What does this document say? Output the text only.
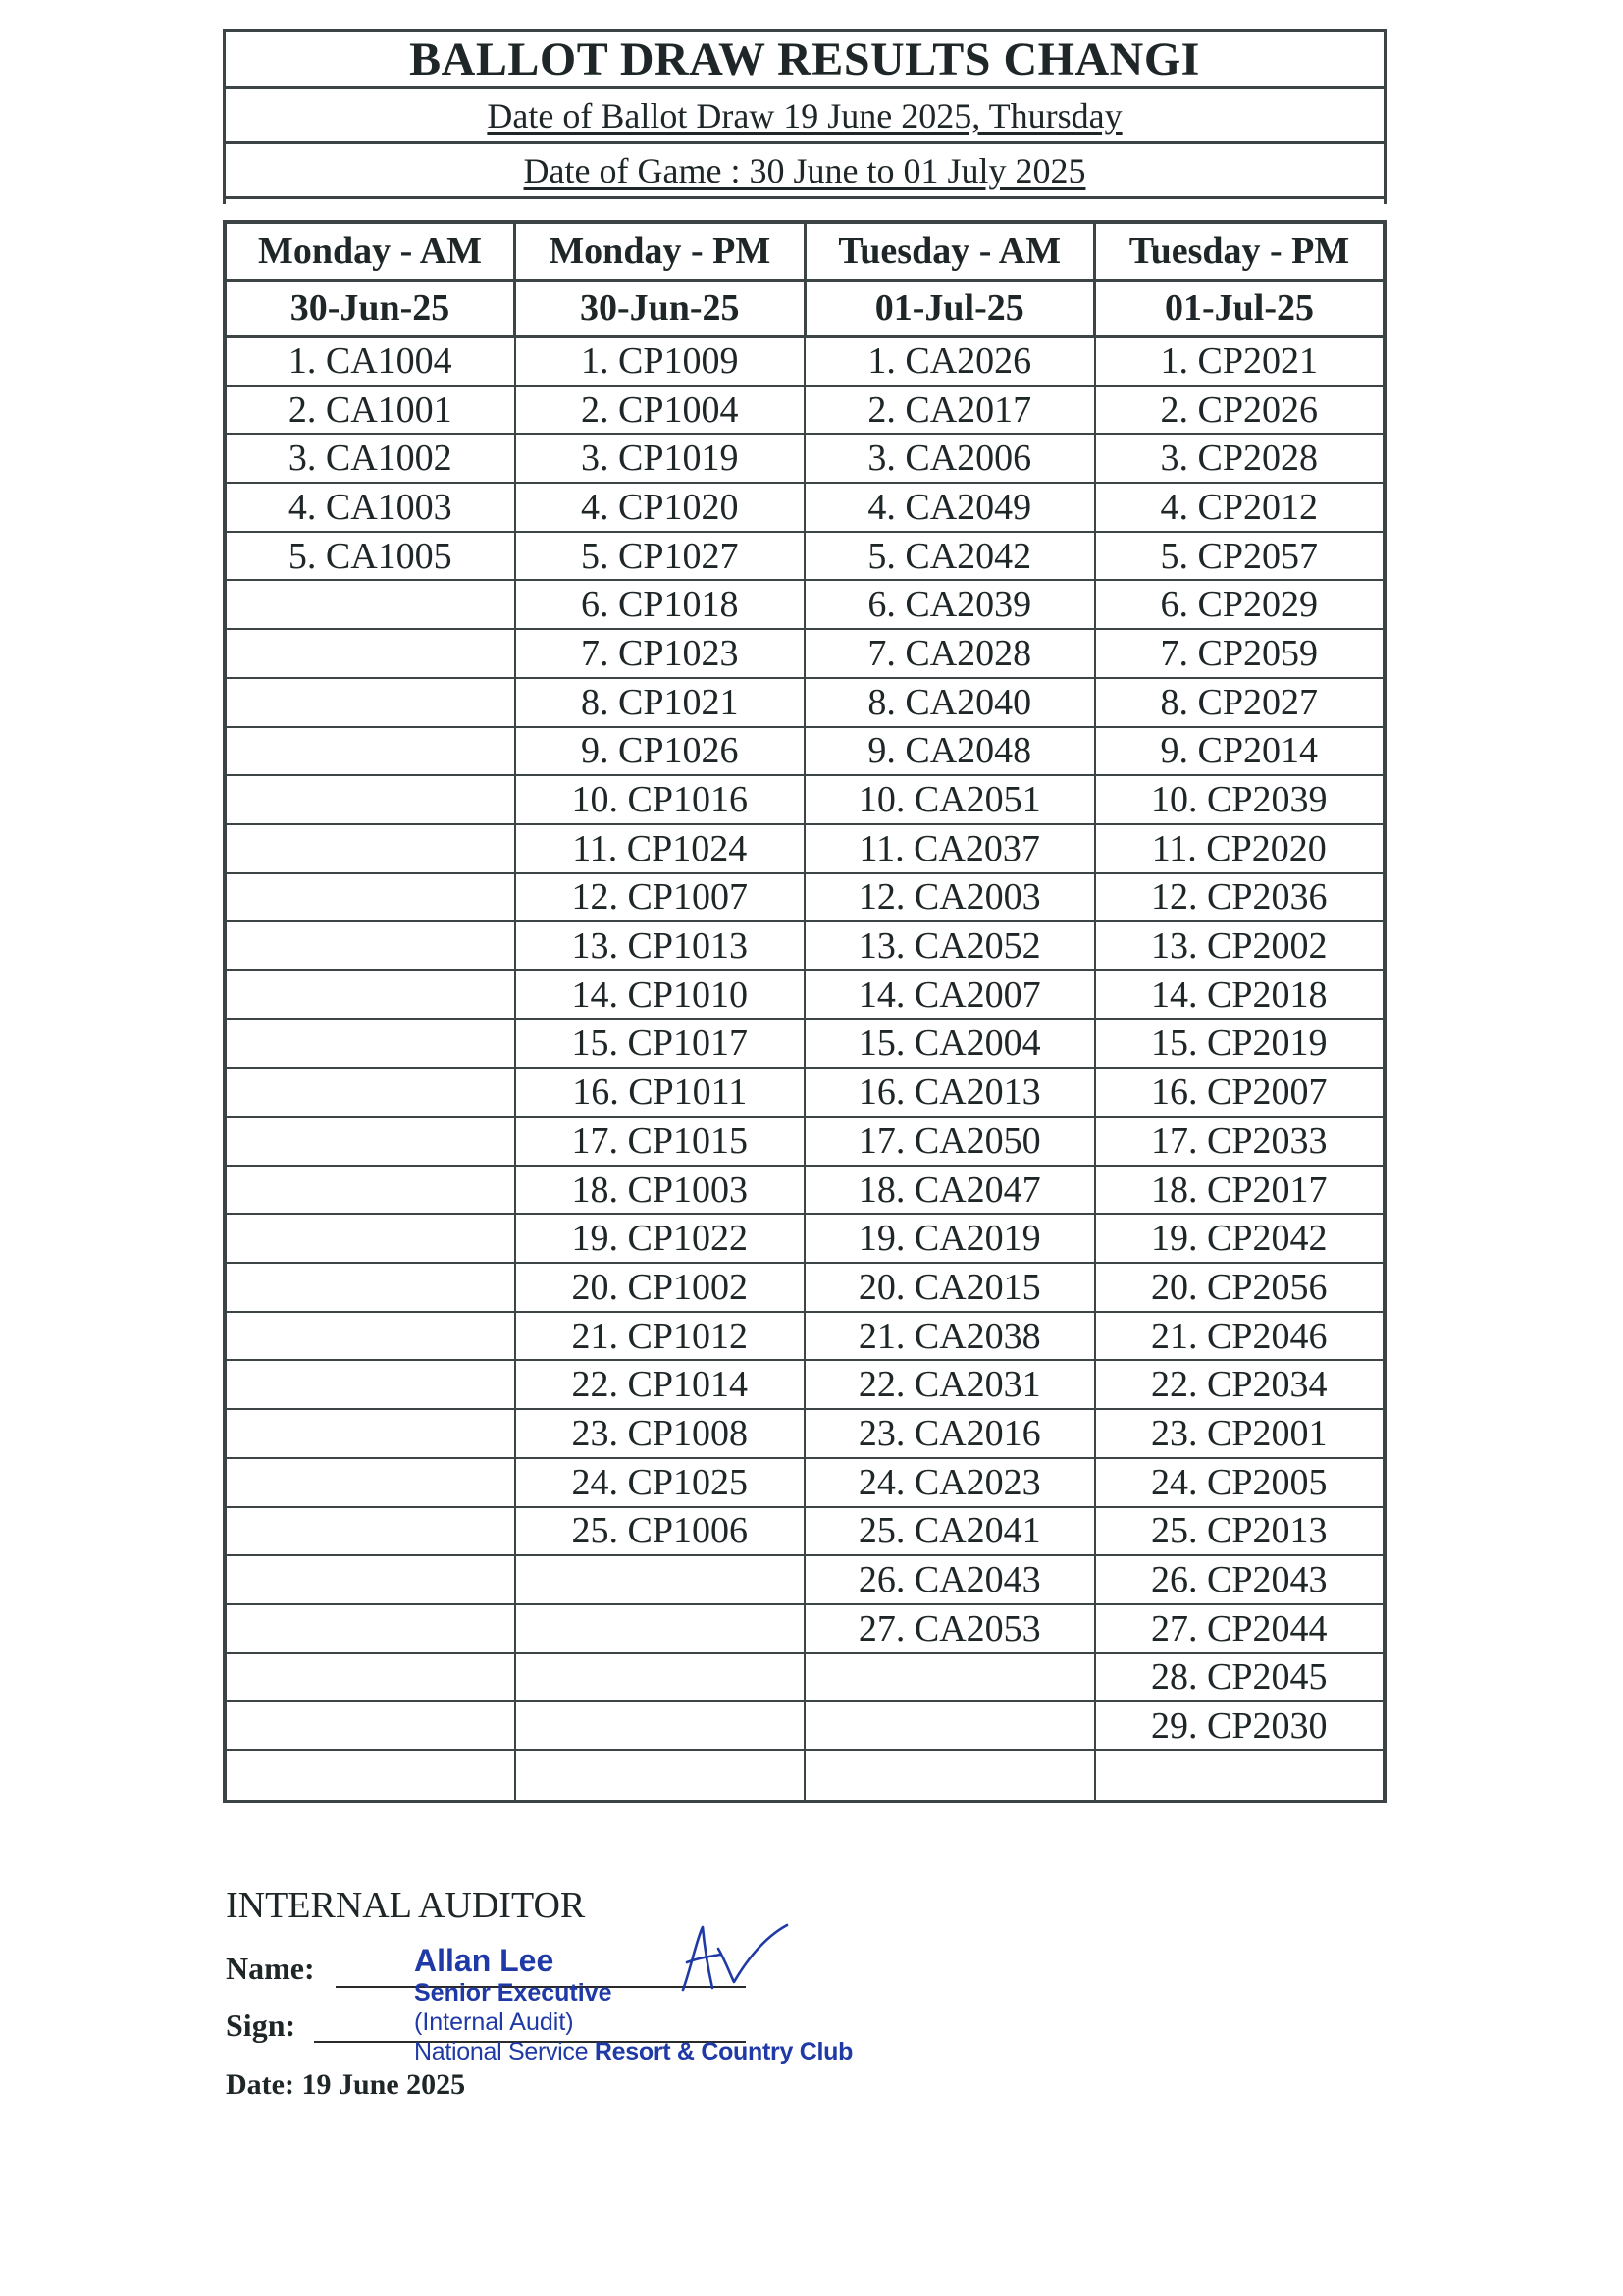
BALLOT DRAW RESULTS CHANGI
Date of Ballot Draw 19 June 2025, Thursday
Date of Game : 30 June to 01 July 2025
Monday - AM	Monday - PM	Tuesday - AM	Tuesday - PM
30-Jun-25	30-Jun-25	01-Jul-25	01-Jul-25
1. CA1004	1. CP1009	1. CA2026	1. CP2021
2. CA1001	2. CP1004	2. CA2017	2. CP2026
3. CA1002	3. CP1019	3. CA2006	3. CP2028
4. CA1003	4. CP1020	4. CA2049	4. CP2012
5. CA1005	5. CP1027	5. CA2042	5. CP2057
	6. CP1018	6. CA2039	6. CP2029
	7. CP1023	7. CA2028	7. CP2059
	8. CP1021	8. CA2040	8. CP2027
	9. CP1026	9. CA2048	9. CP2014
	10. CP1016	10. CA2051	10. CP2039
	11. CP1024	11. CA2037	11. CP2020
	12. CP1007	12. CA2003	12. CP2036
	13. CP1013	13. CA2052	13. CP2002
	14. CP1010	14. CA2007	14. CP2018
	15. CP1017	15. CA2004	15. CP2019
	16. CP1011	16. CA2013	16. CP2007
	17. CP1015	17. CA2050	17. CP2033
	18. CP1003	18. CA2047	18. CP2017
	19. CP1022	19. CA2019	19. CP2042
	20. CP1002	20. CA2015	20. CP2056
	21. CP1012	21. CA2038	21. CP2046
	22. CP1014	22. CA2031	22. CP2034
	23. CP1008	23. CA2016	23. CP2001
	24. CP1025	24. CA2023	24. CP2005
	25. CP1006	25. CA2041	25. CP2013
		26. CA2043	26. CP2043
		27. CA2053	27. CP2044
			28. CP2045
			29. CP2030

INTERNAL AUDITOR
Name:
Sign:
Date: 19 June 2025
Allan Lee
Senior Executive
(Internal Audit)
National Service Resort & Country Club
